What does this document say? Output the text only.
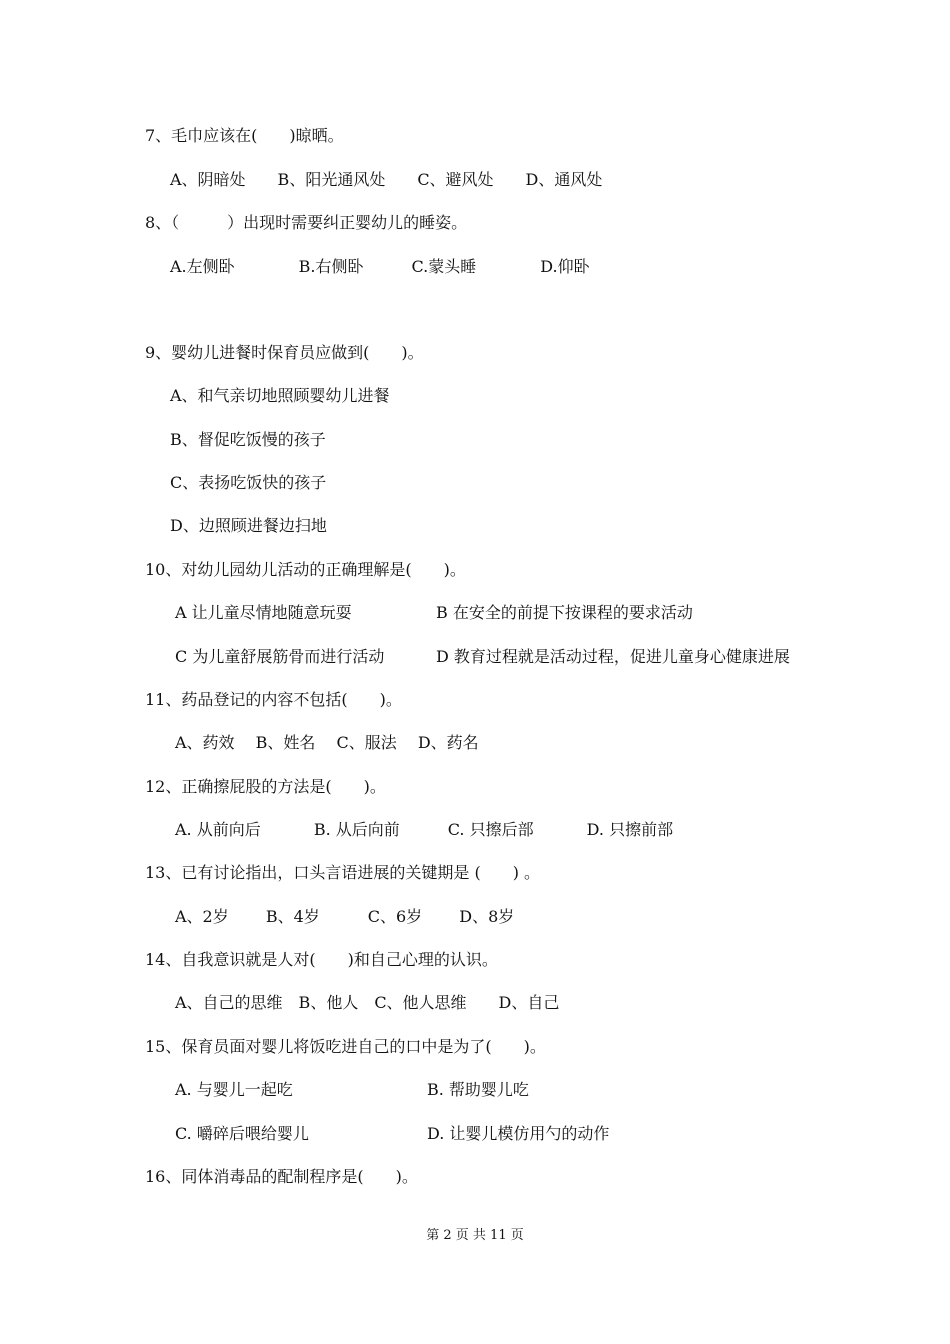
7、毛巾应该在(　　)晾晒。
A、阴暗处　　B、阳光通风处　　C、避风处　　D、通风处
8、（　　　）出现时需要纠正婴幼儿的睡姿。
A.左侧卧　　　　B.右侧卧　　　C.蒙头睡　　　　D.仰卧
9、婴幼儿进餐时保育员应做到(　　)。
A、和气亲切地照顾婴幼儿进餐
B、督促吃饭慢的孩子
C、表扬吃饭快的孩子
D、边照顾进餐边扫地
10、对幼儿园幼儿活动的正确理解是(　　)。
A 让儿童尽情地随意玩耍	B 在安全的前提下按课程的要求活动
C 为儿童舒展筋骨而进行活动	D 教育过程就是活动过程，促进儿童身心健康进展
11、药品登记的内容不包括(　　)。
A、药效　 B、姓名　 C、服法　 D、药名
12、正确擦屁股的方法是(　　)。
A. 从前向后　　　 B. 从后向前　　　C. 只擦后部　　　 D. 只擦前部
13、已有讨论指出，口头言语进展的关键期是 (　　) 。
A、2岁　　 B、4岁　　　C、6岁　　 D、8岁
14、自我意识就是人对(　　)和自己心理的认识。
A、自己的思维　B、他人　C、他人思维　　D、自己
15、保育员面对婴儿将饭吃进自己的口中是为了(　　)。
A. 与婴儿一起吃	B. 帮助婴儿吃
C. 嚼碎后喂给婴儿	D. 让婴儿模仿用勺的动作
16、同体消毒品的配制程序是(　　)。
第 2 页 共 11 页
